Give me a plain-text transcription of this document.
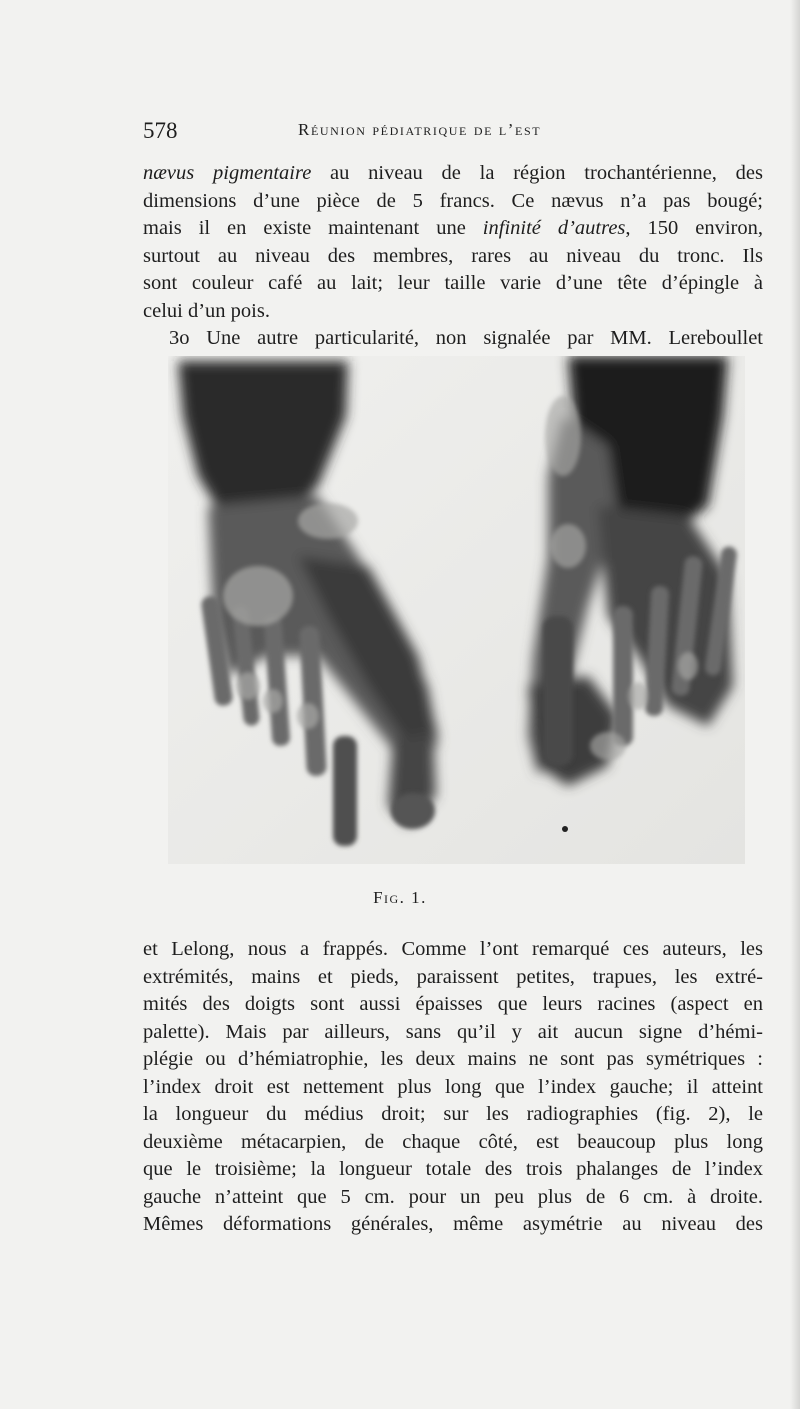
578	Réunion pédiatrique de l’est
nævus pigmentaire au niveau de la région trochantérienne, des
dimensions d’une pièce de 5 francs. Ce nævus n’a pas bougé;
mais il en existe maintenant une infinité d’autres, 150 environ,
surtout au niveau des membres, rares au niveau du tronc. Ils
sont couleur café au lait; leur taille varie d’une tête d’épingle à
celui d’un pois.
3o Une autre particularité, non signalée par MM. Lereboullet
Fig. 1.
et Lelong, nous a frappés. Comme l’ont remarqué ces auteurs, les
extrémités, mains et pieds, paraissent petites, trapues, les extré-
mités des doigts sont aussi épaisses que leurs racines (aspect en
palette). Mais par ailleurs, sans qu’il y ait aucun signe d’hémi-
plégie ou d’hémiatrophie, les deux mains ne sont pas symétriques :
l’index droit est nettement plus long que l’index gauche; il atteint
la longueur du médius droit; sur les radiographies (fig. 2), le
deuxième métacarpien, de chaque côté, est beaucoup plus long
que le troisième; la longueur totale des trois phalanges de l’index
gauche n’atteint que 5 cm. pour un peu plus de 6 cm. à droite.
Mêmes déformations générales, même asymétrie au niveau des
